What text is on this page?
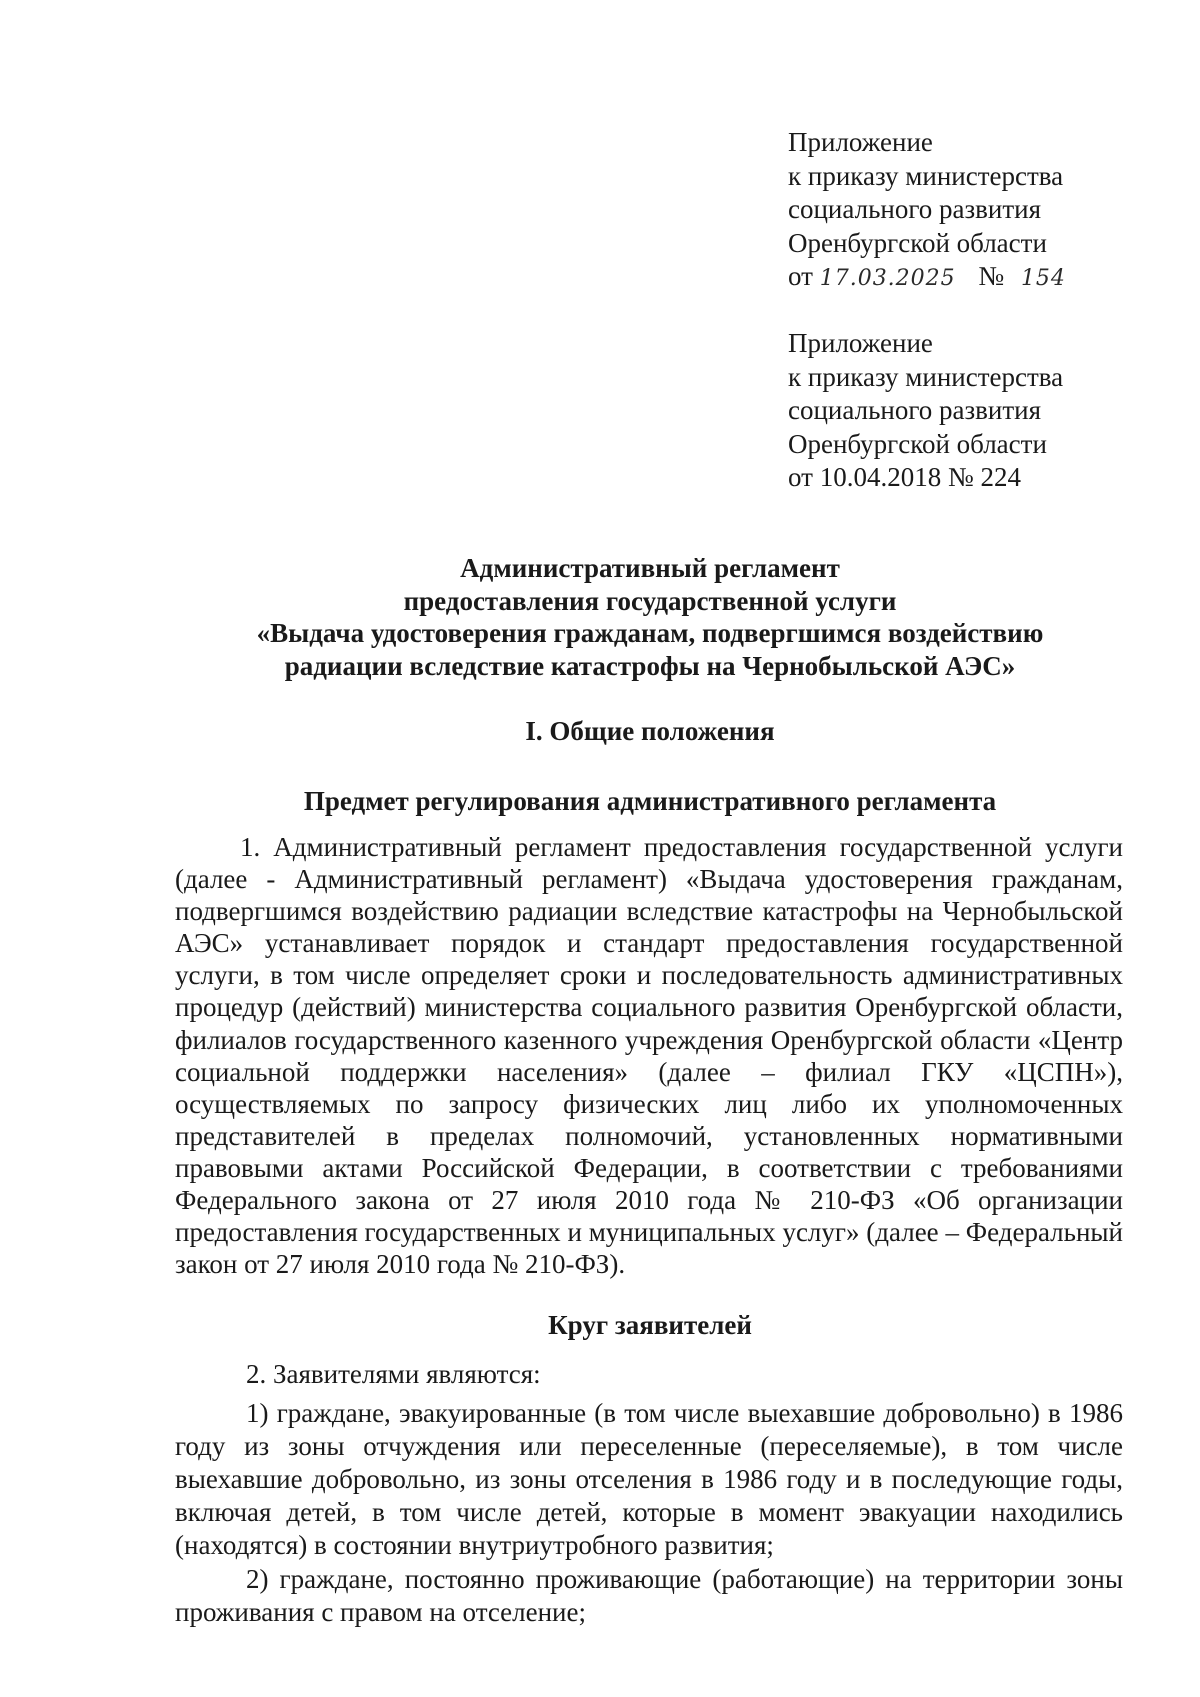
Приложение
к приказу министерства
социального развития
Оренбургской области
от 17.03.2025 № 154
Приложение
к приказу министерства
социального развития
Оренбургской области
от 10.04.2018 № 224
Административный регламент
предоставления государственной услуги
«Выдача удостоверения гражданам, подвергшимся воздействию
радиации вследствие катастрофы на Чернобыльской АЭС»
I. Общие положения
Предмет регулирования административного регламента
1. Административный регламент предоставления государственной услуги (далее - Административный регламент) «Выдача удостоверения гражданам, подвергшимся воздействию радиации вследствие катастрофы на Чернобыльской АЭС» устанавливает порядок и стандарт предоставления государственной услуги, в том числе определяет сроки и последовательность административных процедур (действий) министерства социального развития Оренбургской области, филиалов государственного казенного учреждения Оренбургской области «Центр социальной поддержки населения» (далее – филиал ГКУ «ЦСПН»), осуществляемых по запросу физических лиц либо их уполномоченных представителей в пределах полномочий, установленных нормативными правовыми актами Российской Федерации, в соответствии с требованиями Федерального закона от 27 июля 2010 года № 210-ФЗ «Об организации предоставления государственных и муниципальных услуг» (далее – Федеральный закон от 27 июля 2010 года № 210-ФЗ).
Круг заявителей
2. Заявителями являются:
1) граждане, эвакуированные (в том числе выехавшие добровольно) в 1986 году из зоны отчуждения или переселенные (переселяемые), в том числе выехавшие добровольно, из зоны отселения в 1986 году и в последующие годы, включая детей, в том числе детей, которые в момент эвакуации находились (находятся) в состоянии внутриутробного развития;
2) граждане, постоянно проживающие (работающие) на территории зоны проживания с правом на отселение;
